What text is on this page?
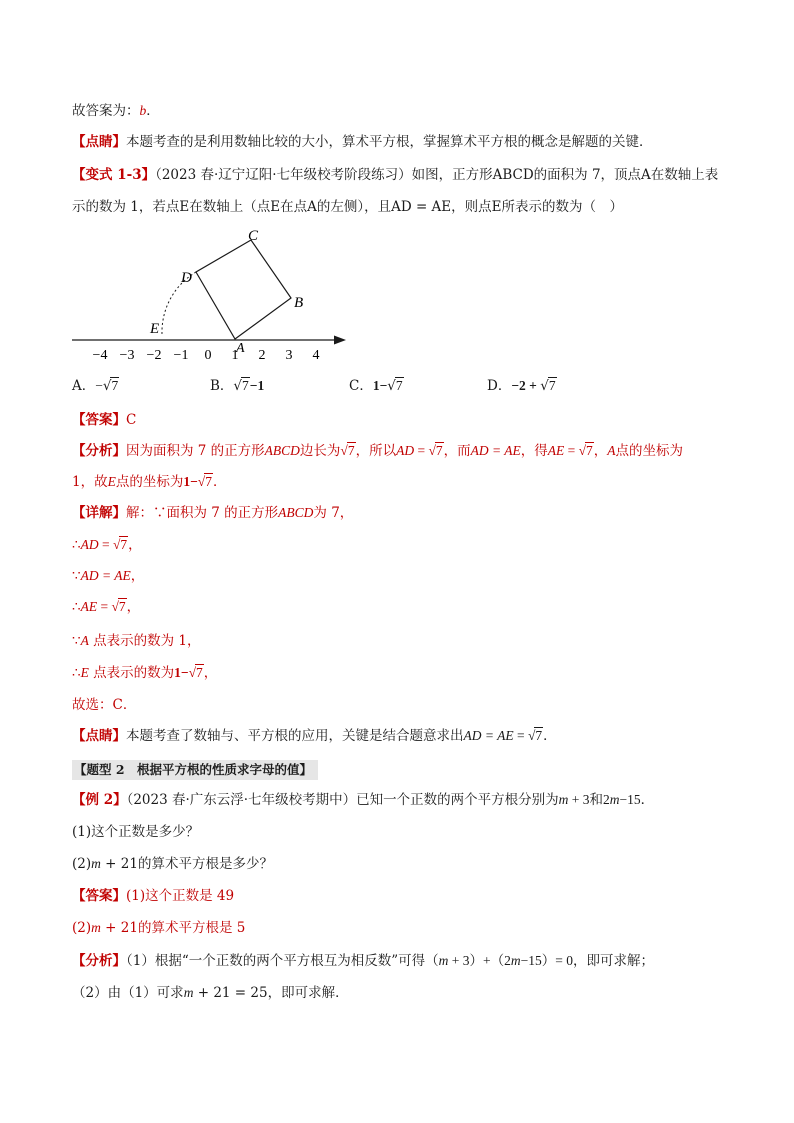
故答案为：b．
【点睛】本题考查的是利用数轴比较的大小，算术平方根，掌握算术平方根的概念是解题的关键．
【变式 1-3】（2023 春·辽宁辽阳·七年级校考阶段练习）如图，正方形ABCD的面积为 7，顶点A在数轴上表
示的数为 1，若点E在数轴上（点E在点A的左侧），且AD = AE，则点E所表示的数为（　）
−4 −3 −2 −1 0 1 2 3 4
C
B
D
E
A
A．−√7	B．√7−1	C．1−√7	D．−2 + √7
【答案】C
【分析】因为面积为 7 的正方形ABCD边长为√7，所以AD = √7，而AD = AE，得AE = √7，A点的坐标为
1，故E点的坐标为1−√7．
【详解】解：∵面积为 7 的正方形ABCD为 7，
∴AD = √7，
∵AD = AE，
∴AE = √7，
∵A 点表示的数为 1，
∴E 点表示的数为1−√7，
故选：C．
【点睛】本题考查了数轴与、平方根的应用，关键是结合题意求出AD = AE = √7．
【题型 2　根据平方根的性质求字母的值】
【例 2】（2023 春·广东云浮·七年级校考期中）已知一个正数的两个平方根分别为m + 3和2m−15．
(1)这个正数是多少？
(2)m + 21的算术平方根是多少？
【答案】(1)这个正数是 49
(2)m + 21的算术平方根是 5
【分析】（1）根据“一个正数的两个平方根互为相反数”可得（m + 3）+（2m−15）= 0，即可求解；
（2）由（1）可求m + 21 = 25，即可求解．
